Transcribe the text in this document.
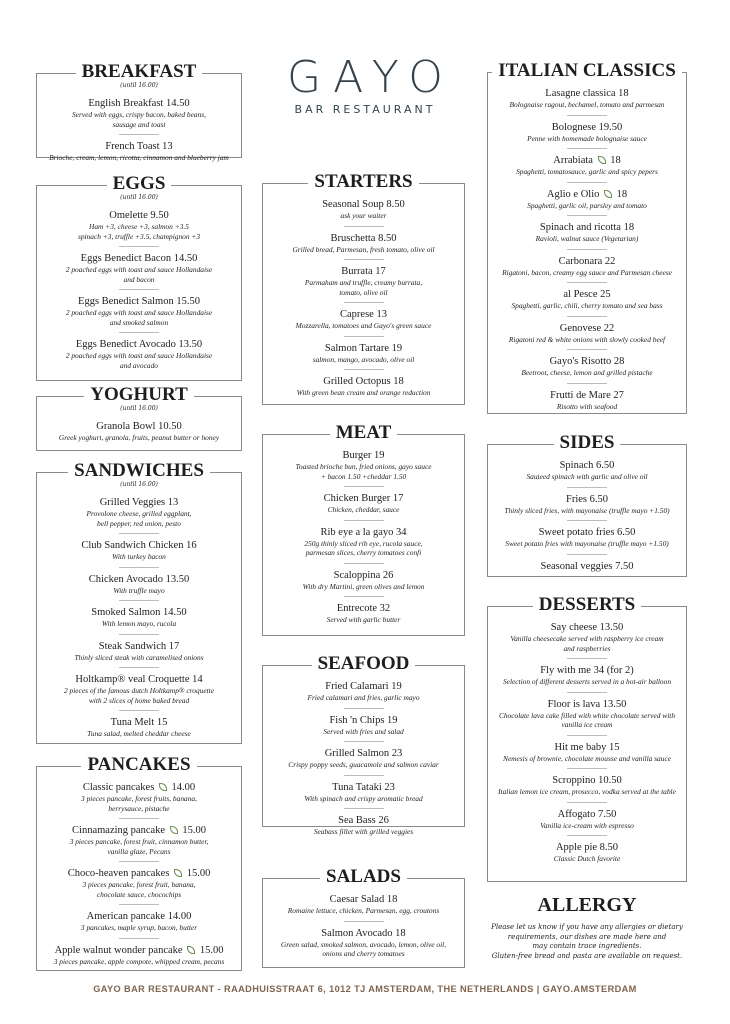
GAYO
BAR RESTAURANT
BREAKFAST
(until 16.00)
English Breakfast 14.50
Served with eggs, crispy bacon, baked beans,
sausage and toast
French Toast 13
Brioche, cream, lemon, ricotta, cinnamon and blueberry jam
EGGS
(until 16.00)
Omelette 9.50
Ham +3, cheese +3, salmon +3.5
spinach +3, truffle +3.5, champignon +3
Eggs Benedict Bacon 14.50
2 poached eggs with toast and sauce Hollandaise
and bacon
Eggs Benedict Salmon 15.50
2 poached eggs with toast and sauce Hollandaise
and smoked salmon
Eggs Benedict Avocado 13.50
2 poached eggs with toast and sauce Hollandaise
and avocado
YOGHURT
(until 16.00)
Granola Bowl 10.50
Greek yoghurt, granola, fruits, peanut butter or honey
SANDWICHES
(until 16.00)
Grilled Veggies 13
Provolone cheese, grilled eggplant,
bell pepper, red onion, pesto
Club Sandwich Chicken 16
With turkey bacon
Chicken Avocado 13.50
With truffle mayo
Smoked Salmon 14.50
With lemon mayo, rucola
Steak Sandwich 17
Thinly sliced steak with caramelised onions
Holtkamp® veal Croquette 14
2 pieces of the famous dutch Holtkamp® croquette
with 2 slices of home baked bread
Tuna Melt 15
Tuna salad, melted cheddar cheese
PANCAKES
Classic pancakes 14.00
3 pieces pancake, forest fruits, banana,
berrysauce, pistache
Cinnamazing pancake 15.00
3 pieces pancake, forest fruit, cinnamon butter,
vanilla glaze, Pecans
Choco-heaven pancakes 15.00
3 pieces pancake, forest fruit, banana,
chocolate sauce, chocochips
American pancake 14.00
3 pancakes, maple syrup, bacon, butter
Apple walnut wonder pancake 15.00
3 pieces pancake, apple compote, whipped cream, pecans
STARTERS
Seasonal Soup 8.50
ask your waiter
Bruschetta 8.50
Grilled bread, Parmesan, fresh tomato, olive oil
Burrata 17
Parmaham and truffle, creamy burrata,
tomato, olive oil
Caprese 13
Mozzarella, tomatoes and Gayo's green sauce
Salmon Tartare 19
salmon, mango, avocado, olive oil
Grilled Octopus 18
With green bean cream and orange reduction
MEAT
Burger 19
Toasted brioche bun, fried onions, gayo sauce
+ bacon 1.50 +cheddar 1.50
Chicken Burger 17
Chicken, cheddar, sauce
Rib eye a la gayo 34
250g thinly sliced rib eye, rucola sauce,
parmesan slices, cherry tomatoes confi
Scaloppina 26
With dry Martini, green olives and lemon
Entrecote 32
Served with garlic butter
SEAFOOD
Fried Calamari 19
Fried calamari and fries, garlic mayo
Fish 'n Chips 19
Served with fries and salad
Grilled Salmon 23
Crispy poppy seeds, guacamole and salmon caviar
Tuna Tataki 23
With spinach and crispy aromatic bread
Sea Bass 26
Seabass fillet with grilled veggies
SALADS
Caesar Salad 18
Romaine lettuce, chicken, Parmesan, egg, croutons
Salmon Avocado 18
Green salad, smoked salmon, avocado, lemon, olive oil,
onions and cherry tomatoes
ITALIAN CLASSICS
Lasagne classica 18
Bolognaise ragout, bechamel, tomato and parmesan
Bolognese 19.50
Penne with homemade bolognaise sauce
Arrabiata 18
Spaghetti, tomatosauce, garlic and spicy pepers
Aglio e Olio 18
Spaghetti, garlic oil, parsley and tomato
Spinach and ricotta 18
Ravioli, walnut sauce (Vegetarian)
Carbonara 22
Rigatoni, bacon, creamy egg sauce and Parmesan cheese
al Pesce 25
Spaghetti, garlic, chili, cherry tomato and sea bass
Genovese 22
Rigatoni red & white onions with slowly cooked beef
Gayo's Risotto 28
Beetroot, cheese, lemon and grilled pistache
Frutti de Mare 27
Risotto with seafood
SIDES
Spinach 6.50
Sauteed spinach with garlic and olive oil
Fries 6.50
Thinly sliced fries, with mayonaise (truffle mayo +1.50)
Sweet potato fries 6.50
Sweet potato fries with mayonaise (truffle mayo +1.50)
Seasonal veggies 7.50
DESSERTS
Say cheese 13.50
Vanilla cheesecake served with raspberry ice cream
and raspberries
Fly with me 34 (for 2)
Selection of different desserts served in a hot-air balloon
Floor is lava 13.50
Chocolate lava cake filled with white chocolate served with
vanilla ice cream
Hit me baby 15
Nemesis of brownie, chocolate mousse and vanilla sauce
Scroppino 10.50
Italian lemon ice cream, prosecco, vodka served at the table
Affogato 7.50
Vanilla ice-cream with espresso
Apple pie 8.50
Classic Dutch favorite
ALLERGY
Please let us know if you have any allergies or dietary
requirements, our dishes are made here and
may contain trace ingredients.
Gluten-free bread and pasta are available on request.
GAYO BAR RESTAURANT - RAADHUISSTRAAT 6, 1012 TJ AMSTERDAM, THE NETHERLANDS | GAYO.AMSTERDAM
